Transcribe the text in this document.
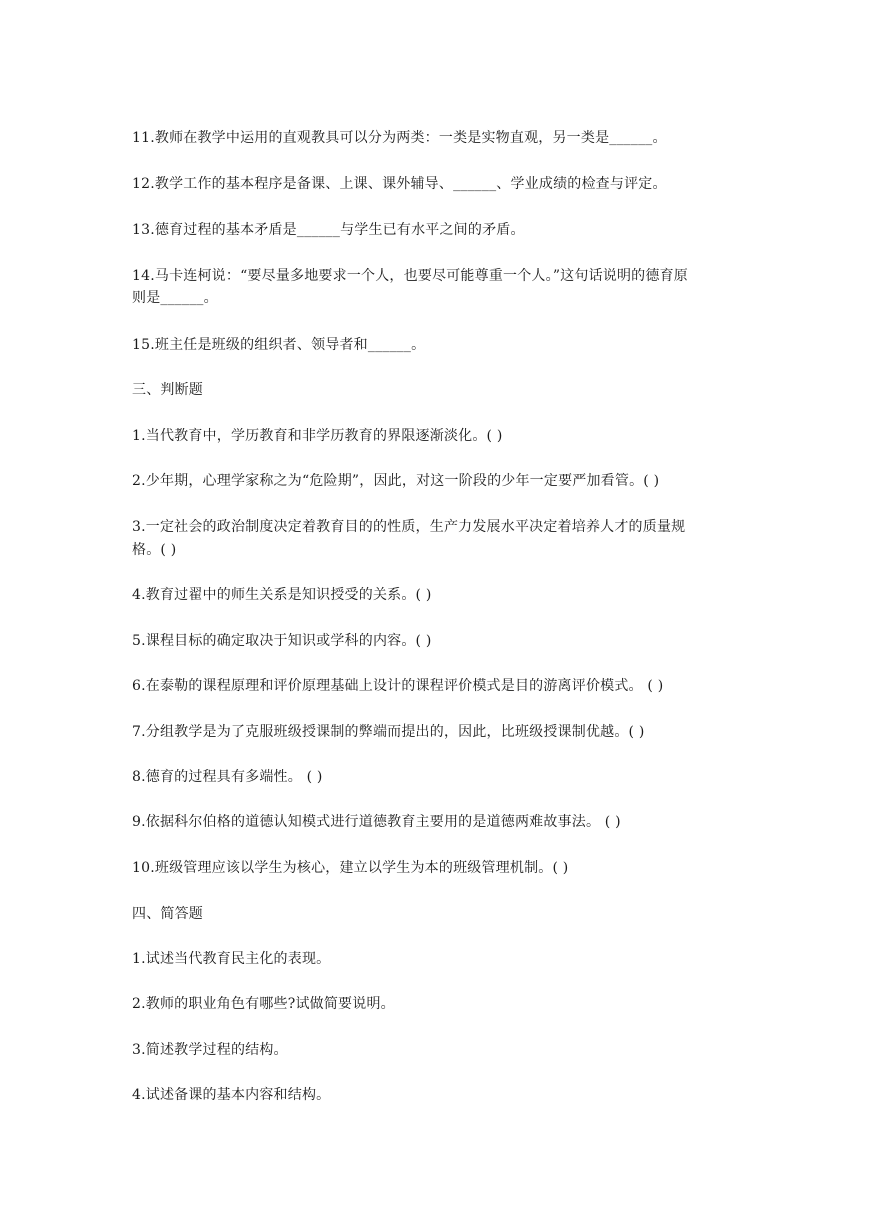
11.教师在教学中运用的直观教具可以分为两类：一类是实物直观，另一类是______。
12.教学工作的基本程序是备课、上课、课外辅导、______、学业成绩的检查与评定。
13.德育过程的基本矛盾是______与学生已有水平之间的矛盾。
14.马卡连柯说：“要尽量多地要求一个人，也要尽可能尊重一个人。”这句话说明的德育原
则是______。
15.班主任是班级的组织者、领导者和______。
三、判断题
1.当代教育中，学历教育和非学历教育的界限逐渐淡化。( )
2.少年期，心理学家称之为“危险期”，因此，对这一阶段的少年一定要严加看管。( )
3.一定社会的政治制度决定着教育目的的性质，生产力发展水平决定着培养人才的质量规
格。( )
4.教育过翟中的师生关系是知识授受的关系。( )
5.课程目标的确定取决于知识或学科的内容。( )
6.在泰勒的课程原理和评价原理基础上设计的课程评价模式是目的游离评价模式。 ( )
7.分组教学是为了克服班级授课制的弊端而提出的，因此，比班级授课制优越。( )
8.德育的过程具有多端性。 ( )
9.依据科尔伯格的道德认知模式进行道德教育主要用的是道德两难故事法。 ( )
10.班级管理应该以学生为核心，建立以学生为本的班级管理机制。( )
四、简答题
1.试述当代教育民主化的表现。
2.教师的职业角色有哪些?试做简要说明。
3.简述教学过程的结构。
4.试述备课的基本内容和结构。
